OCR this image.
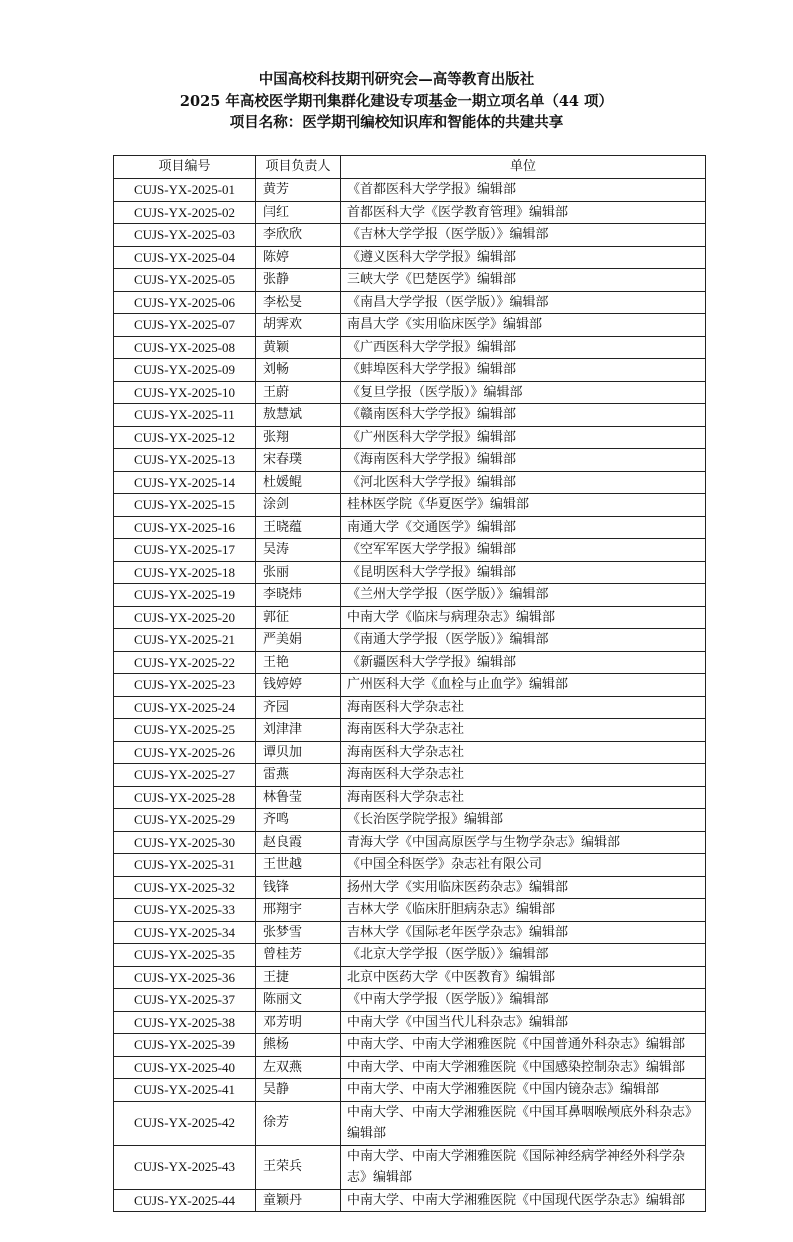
中国高校科技期刊研究会—高等教育出版社
2025 年高校医学期刊集群化建设专项基金一期立项名单（44 项）
项目名称：医学期刊编校知识库和智能体的共建共享
项目编号	项目负责人	单位
CUJS-YX-2025-01	黄芳	《首都医科大学学报》编辑部
CUJS-YX-2025-02	闫红	首都医科大学《医学教育管理》编辑部
CUJS-YX-2025-03	李欣欣	《吉林大学学报（医学版）》编辑部
CUJS-YX-2025-04	陈婷	《遵义医科大学学报》编辑部
CUJS-YX-2025-05	张静	三峡大学《巴楚医学》编辑部
CUJS-YX-2025-06	李松旻	《南昌大学学报（医学版）》编辑部
CUJS-YX-2025-07	胡霁欢	南昌大学《实用临床医学》编辑部
CUJS-YX-2025-08	黄颖	《广西医科大学学报》编辑部
CUJS-YX-2025-09	刘畅	《蚌埠医科大学学报》编辑部
CUJS-YX-2025-10	王蔚	《复旦学报（医学版）》编辑部
CUJS-YX-2025-11	敖慧斌	《赣南医科大学学报》编辑部
CUJS-YX-2025-12	张翔	《广州医科大学学报》编辑部
CUJS-YX-2025-13	宋春璞	《海南医科大学学报》编辑部
CUJS-YX-2025-14	杜媛鲲	《河北医科大学学报》编辑部
CUJS-YX-2025-15	涂剑	桂林医学院《华夏医学》编辑部
CUJS-YX-2025-16	王晓蕴	南通大学《交通医学》编辑部
CUJS-YX-2025-17	吴涛	《空军军医大学学报》编辑部
CUJS-YX-2025-18	张丽	《昆明医科大学学报》编辑部
CUJS-YX-2025-19	李晓炜	《兰州大学学报（医学版）》编辑部
CUJS-YX-2025-20	郭征	中南大学《临床与病理杂志》编辑部
CUJS-YX-2025-21	严美娟	《南通大学学报（医学版）》编辑部
CUJS-YX-2025-22	王艳	《新疆医科大学学报》编辑部
CUJS-YX-2025-23	钱婷婷	广州医科大学《血栓与止血学》编辑部
CUJS-YX-2025-24	齐园	海南医科大学杂志社
CUJS-YX-2025-25	刘津津	海南医科大学杂志社
CUJS-YX-2025-26	谭贝加	海南医科大学杂志社
CUJS-YX-2025-27	雷燕	海南医科大学杂志社
CUJS-YX-2025-28	林鲁莹	海南医科大学杂志社
CUJS-YX-2025-29	齐鸣	《长治医学院学报》编辑部
CUJS-YX-2025-30	赵良霞	青海大学《中国高原医学与生物学杂志》编辑部
CUJS-YX-2025-31	王世越	《中国全科医学》杂志社有限公司
CUJS-YX-2025-32	钱锋	扬州大学《实用临床医药杂志》编辑部
CUJS-YX-2025-33	邢翔宇	吉林大学《临床肝胆病杂志》编辑部
CUJS-YX-2025-34	张梦雪	吉林大学《国际老年医学杂志》编辑部
CUJS-YX-2025-35	曾桂芳	《北京大学学报（医学版）》编辑部
CUJS-YX-2025-36	王捷	北京中医药大学《中医教育》编辑部
CUJS-YX-2025-37	陈丽文	《中南大学学报（医学版）》编辑部
CUJS-YX-2025-38	邓芳明	中南大学《中国当代儿科杂志》编辑部
CUJS-YX-2025-39	熊杨	中南大学、中南大学湘雅医院《中国普通外科杂志》编辑部
CUJS-YX-2025-40	左双燕	中南大学、中南大学湘雅医院《中国感染控制杂志》编辑部
CUJS-YX-2025-41	吴静	中南大学、中南大学湘雅医院《中国内镜杂志》编辑部
CUJS-YX-2025-42	徐芳	中南大学、中南大学湘雅医院《中国耳鼻咽喉颅底外科杂志》编辑部
CUJS-YX-2025-43	王荣兵	中南大学、中南大学湘雅医院《国际神经病学神经外科学杂志》编辑部
CUJS-YX-2025-44	童颖丹	中南大学、中南大学湘雅医院《中国现代医学杂志》编辑部
